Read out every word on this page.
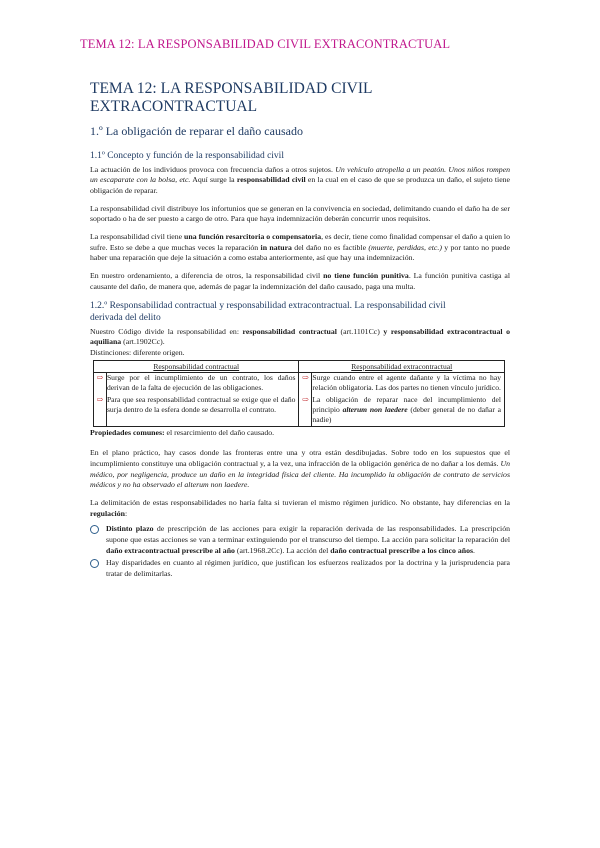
TEMA 12: LA RESPONSABILIDAD CIVIL EXTRACONTRACTUAL
TEMA 12: LA RESPONSABILIDAD CIVIL
EXTRACONTRACTUAL
1.º La obligación de reparar el daño causado
1.1º Concepto y función de la responsabilidad civil

La actuación de los individuos provoca con frecuencia daños a otros sujetos. Un vehículo atropella a un peatón. Unos niños rompen un escaparate con la bolsa, etc. Aquí surge la responsabilidad civil en la cual en el caso de que se produzca un daño, el sujeto tiene obligación de reparar.

La responsabilidad civil distribuye los infortunios que se generan en la convivencia en sociedad, delimitando cuando el daño ha de ser soportado o ha de ser puesto a cargo de otro. Para que haya indemnización deberán concurrir unos requisitos.

La responsabilidad civil tiene una función resarcitoria o compensatoria, es decir, tiene como finalidad compensar el daño a quien lo sufre. Esto se debe a que muchas veces la reparación in natura del daño no es factible (muerte, perdidas, etc.) y por tanto no puede haber una reparación que deje la situación a como estaba anteriormente, así que hay una indemnización.

En nuestro ordenamiento, a diferencia de otros, la responsabilidad civil no tiene función punitiva. La función punitiva castiga al causante del daño, de manera que, además de pagar la indemnización del daño causado, paga una multa.

1.2.º Responsabilidad contractual y responsabilidad extracontractual. La responsabilidad civil
derivada del delito

Nuestro Código divide la responsabilidad en: responsabilidad contractual (art.1101Cc) y responsabilidad extracontractual o aquiliana (art.1902Cc).

Distinciones: diferente origen.

Responsabilidad contractual		Responsabilidad extracontractual	
⇨	Surge por el incumplimiento de un contrato, los daños derivan de la falta de ejecución de las obligaciones.	⇨	Surge cuando entre el agente dañante y la víctima no hay relación obligatoria. Las dos partes no tienen vínculo jurídico.
⇨	Para que sea responsabilidad contractual se exige que el daño surja dentro de la esfera donde se desarrolla el contrato.	⇨	La obligación de reparar nace del incumplimiento del principio alterum non laedere (deber general de no dañar a nadie)

Propiedades comunes: el resarcimiento del daño causado.

En el plano práctico, hay casos donde las fronteras entre una y otra están desdibujadas. Sobre todo en los supuestos que el incumplimiento constituye una obligación contractual y, a la vez, una infracción de la obligación genérica de no dañar a los demás. Un médico, por negligencia, produce un daño en la integridad física del cliente. Ha incumplido la obligación de contrato de servicios médicos y no ha observado el alterum non laedere.

La delimitación de estas responsabilidades no haría falta si tuvieran el mismo régimen jurídico. No obstante, hay diferencias en la regulación:

Distinto plazo de prescripción de las acciones para exigir la reparación derivada de las responsabilidades. La prescripción supone que estas acciones se van a terminar extinguiendo por el transcurso del tiempo. La acción para solicitar la reparación del daño extracontractual prescribe al año (art.1968.2Cc). La acción del daño contractual prescribe a los cinco años.
Hay disparidades en cuanto al régimen jurídico, que justifican los esfuerzos realizados por la doctrina y la jurisprudencia para tratar de delimitarlas.
